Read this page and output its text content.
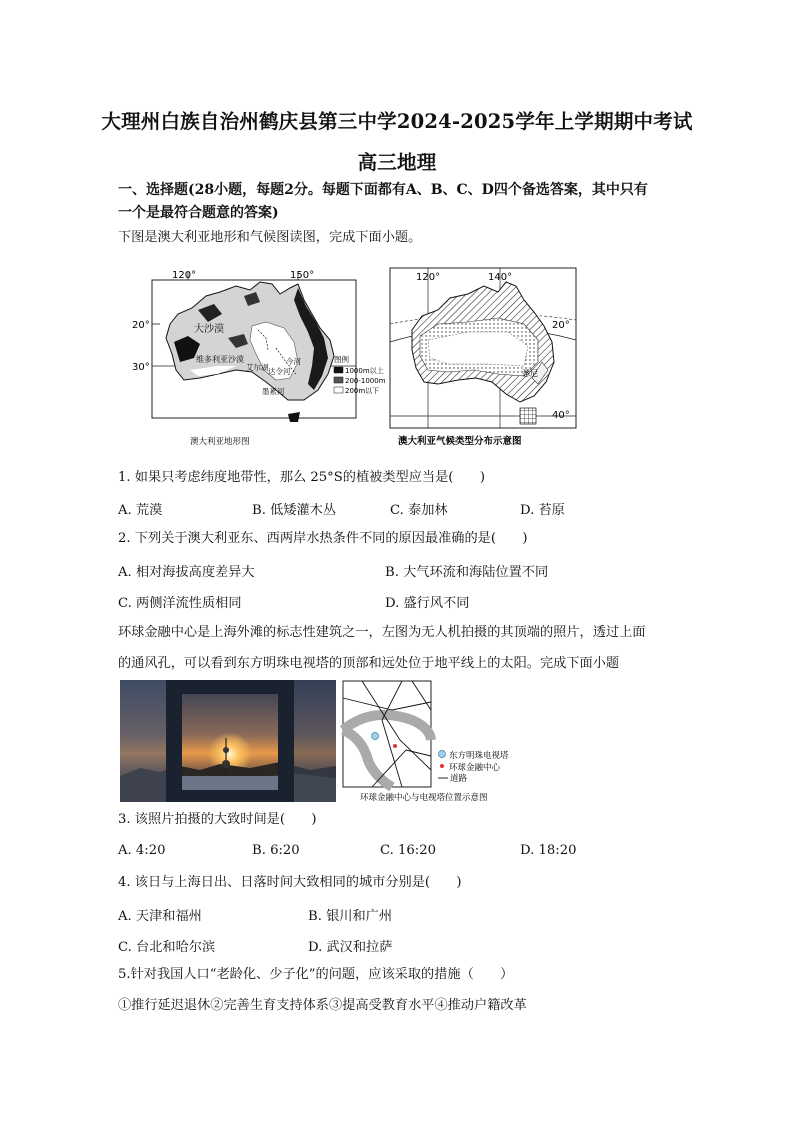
大理州白族自治州鹤庆县第三中学2024-2025学年上学期期中考试
高三地理
一、选择题(28小题，每题2分。每题下面都有A、B、C、D四个备选答案，其中只有
一个是最符合题意的答案)
下图是澳大利亚地形和气候图读图，完成下面小题。
120°	150°
20°
30°
大沙漠
维多利亚沙漠
艾尔湖 达令河
今河
墨累河
图例
1000m以上
200-1000m
200m以下
澳大利亚地形图
120°	140°
20°
40°
悉尼
澳大利亚气候类型分布示意图
1. 如果只考虑纬度地带性，那么 25°S的植被类型应当是(　　)
A. 荒漠	B. 低矮灌木丛	C. 泰加林	D. 苔原
2. 下列关于澳大利亚东、西两岸水热条件不同的原因最准确的是(　　)
A. 相对海拔高度差异大	B. 大气环流和海陆位置不同
C. 两侧洋流性质相同	D. 盛行风不同
环球金融中心是上海外滩的标志性建筑之一，左图为无人机拍摄的其顶端的照片，透过上面
的通风孔，可以看到东方明珠电视塔的顶部和远处位于地平线上的太阳。完成下面小题
东方明珠电视塔
环球金融中心
道路
环球金融中心与电视塔位置示意图
3. 该照片拍摄的大致时间是(　　)
A. 4:20	B. 6:20	C. 16:20	D. 18:20
4. 该日与上海日出、日落时间大致相同的城市分别是(　　)
A. 天津和福州	B. 银川和广州
C. 台北和哈尔滨	D. 武汉和拉萨
5.针对我国人口“老龄化、少子化”的问题，应该采取的措施（　　）
①推行延迟退休②完善生育支持体系③提高受教育水平④推动户籍改革
